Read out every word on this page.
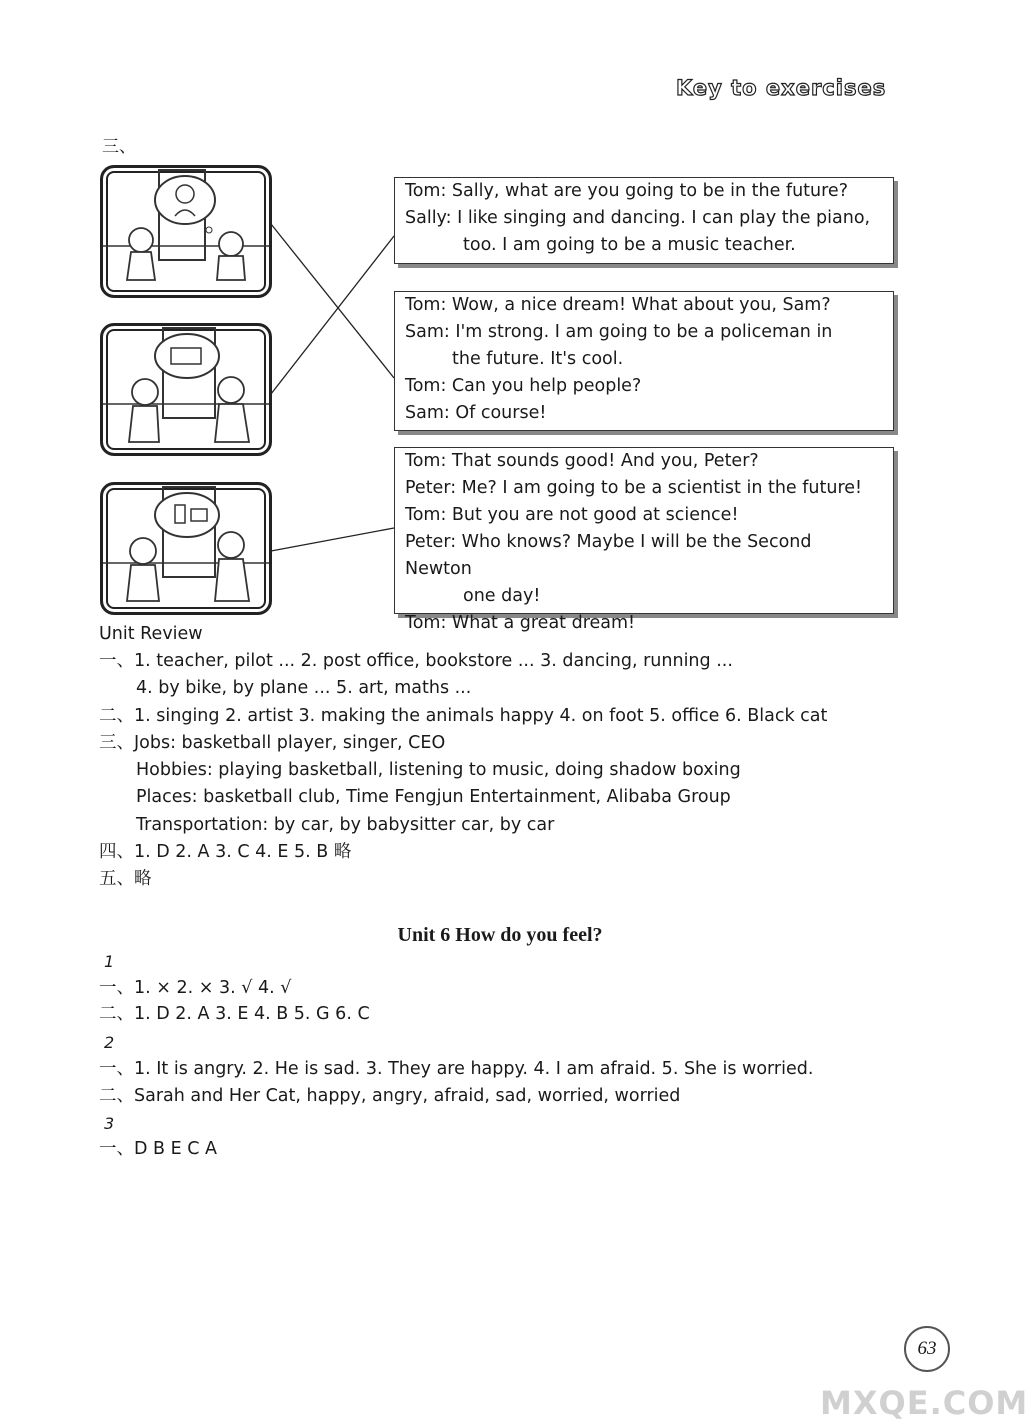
Key to exercises
三、
Tom: Sally, what are you going to be in the future?
Sally: I like singing and dancing. I can play the piano,
too. I am going to be a music teacher.
Tom: Wow, a nice dream! What about you, Sam?
Sam: I'm strong. I am going to be a policeman in
the future. It's cool.
Tom: Can you help people?
Sam: Of course!
Tom: That sounds good! And you, Peter?
Peter: Me? I am going to be a scientist in the future!
Tom: But you are not good at science!
Peter: Who knows? Maybe I will be the Second Newton
one day!
Tom: What a great dream!
Unit Review
一、1. teacher, pilot ... 2. post office, bookstore ... 3. dancing, running ...
4. by bike, by plane ... 5. art, maths ...
二、1. singing 2. artist 3. making the animals happy 4. on foot 5. office 6. Black cat
三、Jobs: basketball player, singer, CEO
Hobbies: playing basketball, listening to music, doing shadow boxing
Places: basketball club, Time Fengjun Entertainment, Alibaba Group
Transportation: by car, by babysitter car, by car
四、1. D 2. A 3. C 4. E 5. B 略
五、略
Unit 6 How do you feel?
1
一、1. × 2. × 3. √ 4. √
二、1. D 2. A 3. E 4. B 5. G 6. C
2
一、1. It is angry. 2. He is sad. 3. They are happy. 4. I am afraid. 5. She is worried.
二、Sarah and Her Cat, happy, angry, afraid, sad, worried, worried
3
一、D B E C A
63
MXQE.COM
